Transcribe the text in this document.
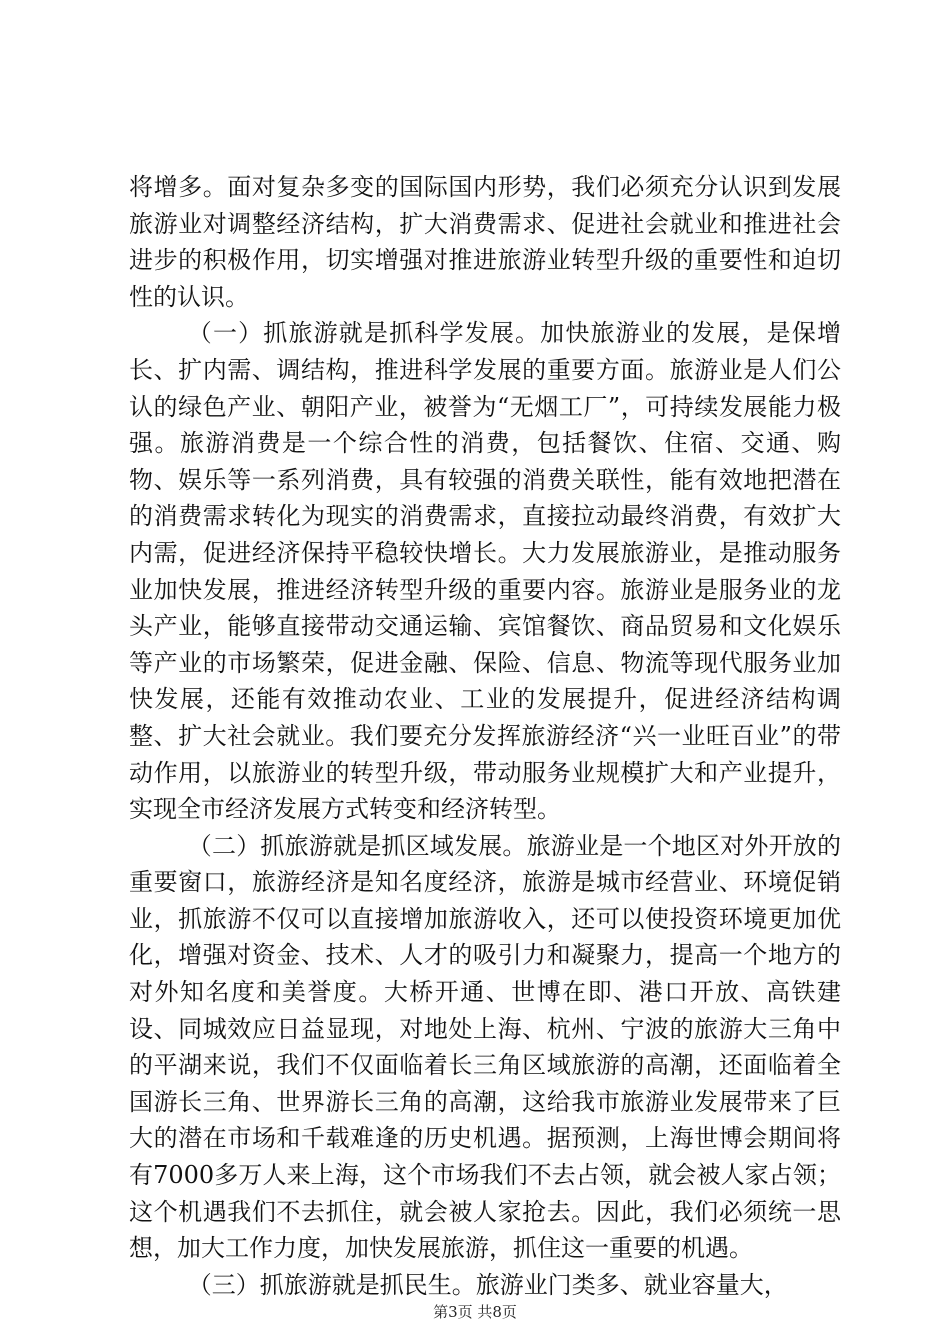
将增多。面对复杂多变的国际国内形势，我们必须充分认识到发展旅游业对调整经济结构，扩大消费需求、促进社会就业和推进社会进步的积极作用，切实增强对推进旅游业转型升级的重要性和迫切性的认识。

（一）抓旅游就是抓科学发展。加快旅游业的发展，是保增长、扩内需、调结构，推进科学发展的重要方面。旅游业是人们公认的绿色产业、朝阳产业，被誉为“无烟工厂”，可持续发展能力极强。旅游消费是一个综合性的消费，包括餐饮、住宿、交通、购物、娱乐等一系列消费，具有较强的消费关联性，能有效地把潜在的消费需求转化为现实的消费需求，直接拉动最终消费，有效扩大内需，促进经济保持平稳较快增长。大力发展旅游业，是推动服务业加快发展，推进经济转型升级的重要内容。旅游业是服务业的龙头产业，能够直接带动交通运输、宾馆餐饮、商品贸易和文化娱乐等产业的市场繁荣，促进金融、保险、信息、物流等现代服务业加快发展，还能有效推动农业、工业的发展提升，促进经济结构调整、扩大社会就业。我们要充分发挥旅游经济“兴一业旺百业”的带动作用，以旅游业的转型升级，带动服务业规模扩大和产业提升，实现全市经济发展方式转变和经济转型。

（二）抓旅游就是抓区域发展。旅游业是一个地区对外开放的重要窗口，旅游经济是知名度经济，旅游是城市经营业、环境促销业，抓旅游不仅可以直接增加旅游收入，还可以使投资环境更加优化，增强对资金、技术、人才的吸引力和凝聚力，提高一个地方的对外知名度和美誉度。大桥开通、世博在即、港口开放、高铁建设、同城效应日益显现，对地处上海、杭州、宁波的旅游大三角中的平湖来说，我们不仅面临着长三角区域旅游的高潮，还面临着全国游长三角、世界游长三角的高潮，这给我市旅游业发展带来了巨大的潜在市场和千载难逢的历史机遇。据预测，上海世博会期间将有7000多万人来上海，这个市场我们不去占领，就会被人家占领；这个机遇我们不去抓住，就会被人家抢去。因此，我们必须统一思想，加大工作力度，加快发展旅游，抓住这一重要的机遇。

（三）抓旅游就是抓民生。旅游业门类多、就业容量大，

第3页 共8页
